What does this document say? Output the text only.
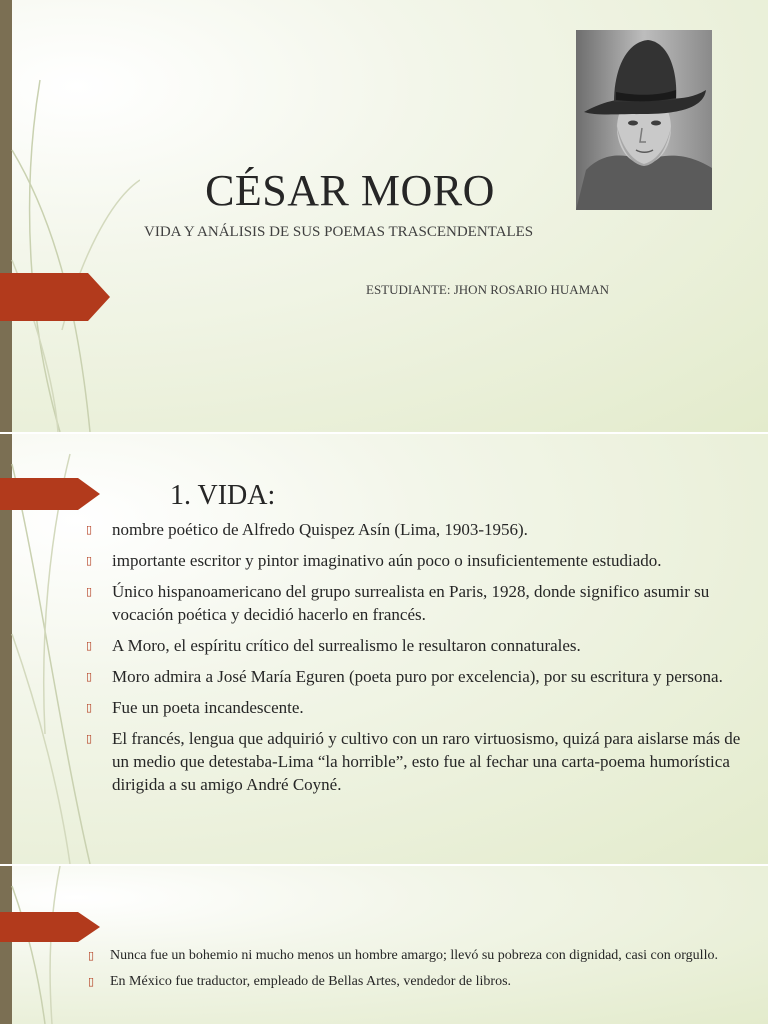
CÉSAR MORO
VIDA Y ANÁLISIS DE SUS POEMAS TRASCENDENTALES
ESTUDIANTE: JHON ROSARIO HUAMAN
1. VIDA:
▯ nombre poético de Alfredo Quispez Asín (Lima, 1903-1956).
▯ importante escritor y pintor imaginativo aún poco o insuficientemente estudiado.
▯ Único hispanoamericano del grupo surrealista en Paris, 1928, donde significo asumir su vocación poética y decidió hacerlo en francés.
▯ A Moro, el espíritu crítico del surrealismo le resultaron connaturales.
▯ Moro admira a José María Eguren (poeta puro por excelencia), por su escritura y persona.
▯ Fue un poeta incandescente.
▯ El francés, lengua que adquirió y cultivo con un raro virtuosismo, quizá para aislarse más de un medio que detestaba-Lima “la horrible”, esto fue al fechar una carta-poema humorística dirigida a su amigo André Coyné.
▯ Nunca fue un bohemio ni mucho menos un hombre amargo; llevó su pobreza con dignidad, casi con orgullo.
▯ En México fue traductor, empleado de Bellas Artes, vendedor de libros.
